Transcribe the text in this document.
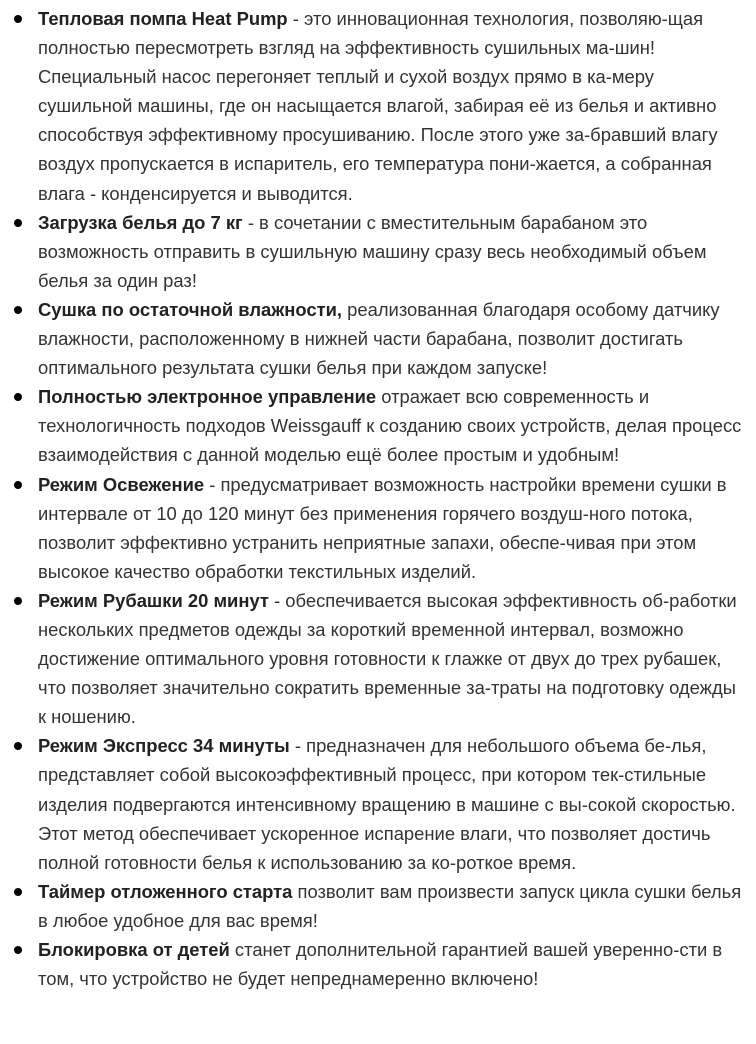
Тепловая помпа Heat Pump - это инновационная технология, позволяю-щая полностью пересмотреть взгляд на эффективность сушильных ма-шин! Специальный насос перегоняет теплый и сухой воздух прямо в ка-меру сушильной машины, где он насыщается влагой, забирая её из белья и активно способствуя эффективному просушиванию. После этого уже за-бравший влагу воздух пропускается в испаритель, его температура пони-жается, а собранная влага - конденсируется и выводится.
Загрузка белья до 7 кг - в сочетании с вместительным барабаном это возможность отправить в сушильную машину сразу весь необходимый объем белья за один раз!
Сушка по остаточной влажности, реализованная благодаря особому датчику влажности, расположенному в нижней части барабана, позволит достигать оптимального результата сушки белья при каждом запуске!
Полностью электронное управление отражает всю современность и технологичность подходов Weissgauff к созданию своих устройств, делая процесс взаимодействия с данной моделью ещё более простым и удобным!
Режим Освежение - предусматривает возможность настройки времени сушки в интервале от 10 до 120 минут без применения горячего воздуш-ного потока, позволит эффективно устранить неприятные запахи, обеспе-чивая при этом высокое качество обработки текстильных изделий.
Режим Рубашки 20 минут - обеспечивается высокая эффективность об-работки нескольких предметов одежды за короткий временной интервал, возможно достижение оптимального уровня готовности к глажке от двух до трех рубашек, что позволяет значительно сократить временные за-траты на подготовку одежды к ношению.
Режим Экспресс 34 минуты - предназначен для небольшого объема бе-лья, представляет собой высокоэффективный процесс, при котором тек-стильные изделия подвергаются интенсивному вращению в машине с вы-сокой скоростью. Этот метод обеспечивает ускоренное испарение влаги, что позволяет достичь полной готовности белья к использованию за ко-роткое время.
Таймер отложенного старта позволит вам произвести запуск цикла сушки белья в любое удобное для вас время!
Блокировка от детей станет дополнительной гарантией вашей уверенно-сти в том, что устройство не будет непреднамеренно включено!
